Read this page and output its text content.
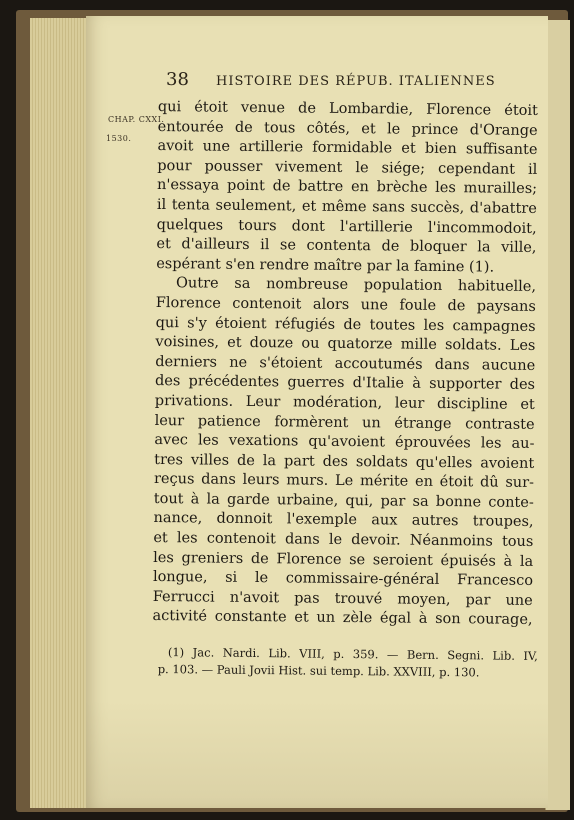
38 HISTOIRE DES RÉPUB. ITALIENNES
CHAP. CXXI.
1530.
qui étoit venue de Lombardie, Florence étoit
entourée de tous côtés, et le prince d'Orange
avoit une artillerie formidable et bien suffisante
pour pousser vivement le siége; cependant il
n'essaya point de battre en brèche les murailles;
il tenta seulement, et même sans succès, d'abattre
quelques tours dont l'artillerie l'incommodoit,
et d'ailleurs il se contenta de bloquer la ville,
espérant s'en rendre maître par la famine (1).
Outre sa nombreuse population habituelle,
Florence contenoit alors une foule de paysans
qui s'y étoient réfugiés de toutes les campagnes
voisines, et douze ou quatorze mille soldats. Les
derniers ne s'étoient accoutumés dans aucune
des précédentes guerres d'Italie à supporter des
privations. Leur modération, leur discipline et
leur patience formèrent un étrange contraste
avec les vexations qu'avoient éprouvées les au-
tres villes de la part des soldats qu'elles avoient
reçus dans leurs murs. Le mérite en étoit dû sur-
tout à la garde urbaine, qui, par sa bonne conte-
nance, donnoit l'exemple aux autres troupes,
et les contenoit dans le devoir. Néanmoins tous
les greniers de Florence se seroient épuisés à la
longue, si le commissaire-général Francesco
Ferrucci n'avoit pas trouvé moyen, par une
activité constante et un zèle égal à son courage,
(1) Jac. Nardi. Lib. VIII, p. 359. — Bern. Segni. Lib. IV,
p. 103. — Pauli Jovii Hist. sui temp. Lib. XXVIII, p. 130.
